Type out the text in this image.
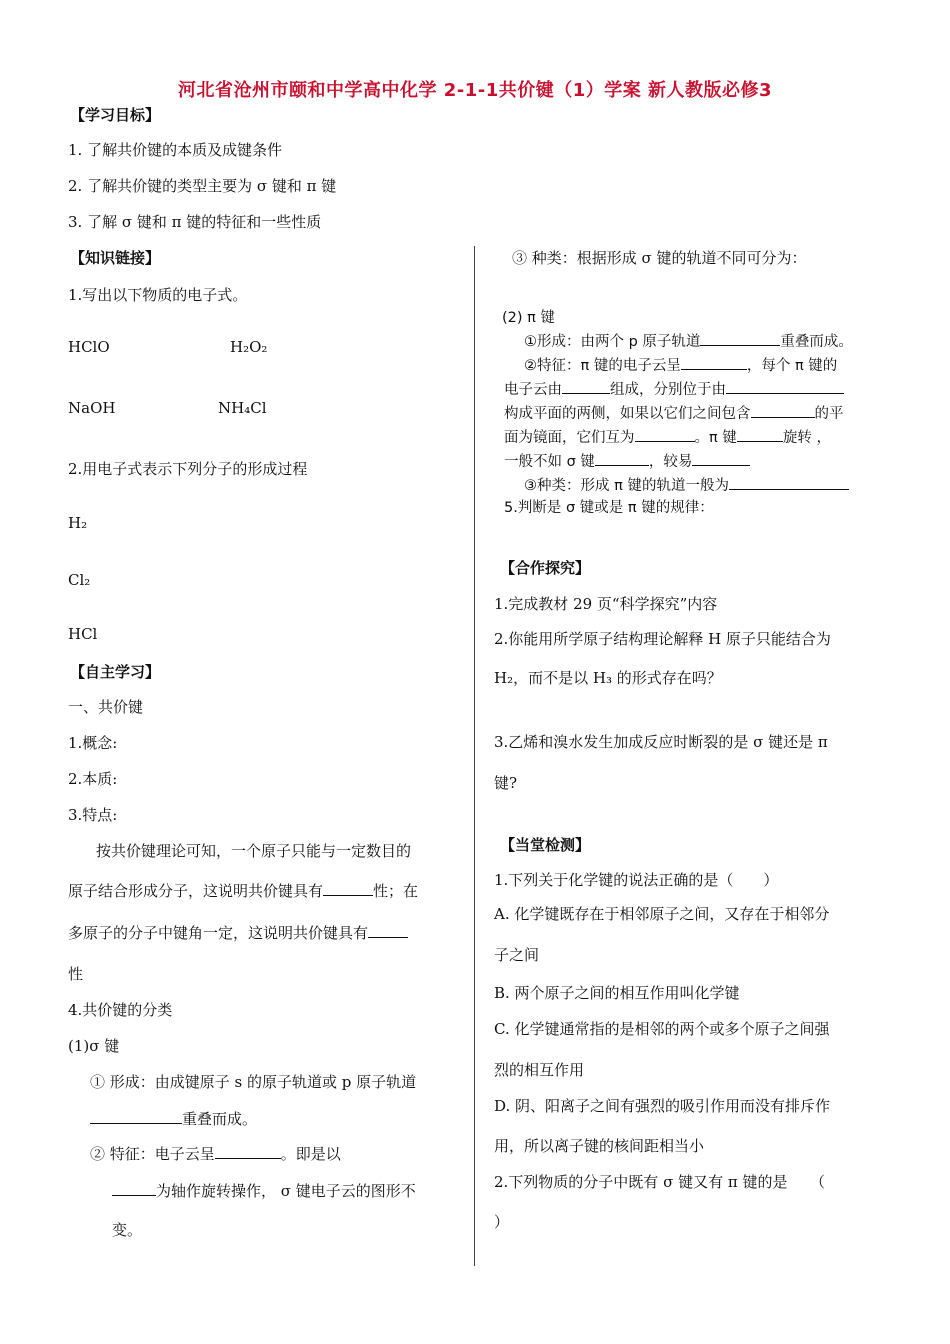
河北省沧州市颐和中学高中化学 2-1-1共价键（1）学案 新人教版必修3
【学习目标】
1. 了解共价键的本质及成键条件
2. 了解共价键的类型主要为 σ 键和 π 键
3. 了解 σ 键和 π 键的特征和一些性质
【知识链接】
1.写出以下物质的电子式。
HClO	H₂O₂
NaOH	NH₄Cl
2.用电子式表示下列分子的形成过程
H₂
Cl₂
HCl
【自主学习】
一、共价键
1.概念:
2.本质:
3.特点:
按共价键理论可知，一个原子只能与一定数目的
原子结合形成分子，这说明共价键具有	性；在
多原子的分子中键角一定，这说明共价键具有
性
4.共价键的分类
(1)σ 键
① 形成：由成键原子 s 的原子轨道或 p 原子轨道
重叠而成。
② 特征：电子云呈	。即是以
为轴作旋转操作， σ 键电子云的图形不
变。
③ 种类：根据形成 σ 键的轨道不同可分为：
(2) π 键
①形成：由两个 p 原子轨道	重叠而成。
②特征：π 键的电子云呈	，每个 π 键的
电子云由	组成，分别位于由
构成平面的两侧，如果以它们之间包含	的平
面为镜面，它们互为	。π 键	旋转 ，
一般不如 σ 键	，较易
③种类：形成 π 键的轨道一般为
5.判断是 σ 键或是 π 键的规律：
【合作探究】
1.完成教材 29 页“科学探究”内容
2.你能用所学原子结构理论解释 H 原子只能结合为
H₂，而不是以 H₃ 的形式存在吗？
3.乙烯和溴水发生加成反应时断裂的是 σ 键还是 π
键?
【当堂检测】
1.下列关于化学键的说法正确的是（　　）
A. 化学键既存在于相邻原子之间，又存在于相邻分
子之间
B. 两个原子之间的相互作用叫化学键
C. 化学键通常指的是相邻的两个或多个原子之间强
烈的相互作用
D. 阴、阳离子之间有强烈的吸引作用而没有排斥作
用，所以离子键的核间距相当小
2.下列物质的分子中既有 σ 键又有 π 键的是　　（
）
